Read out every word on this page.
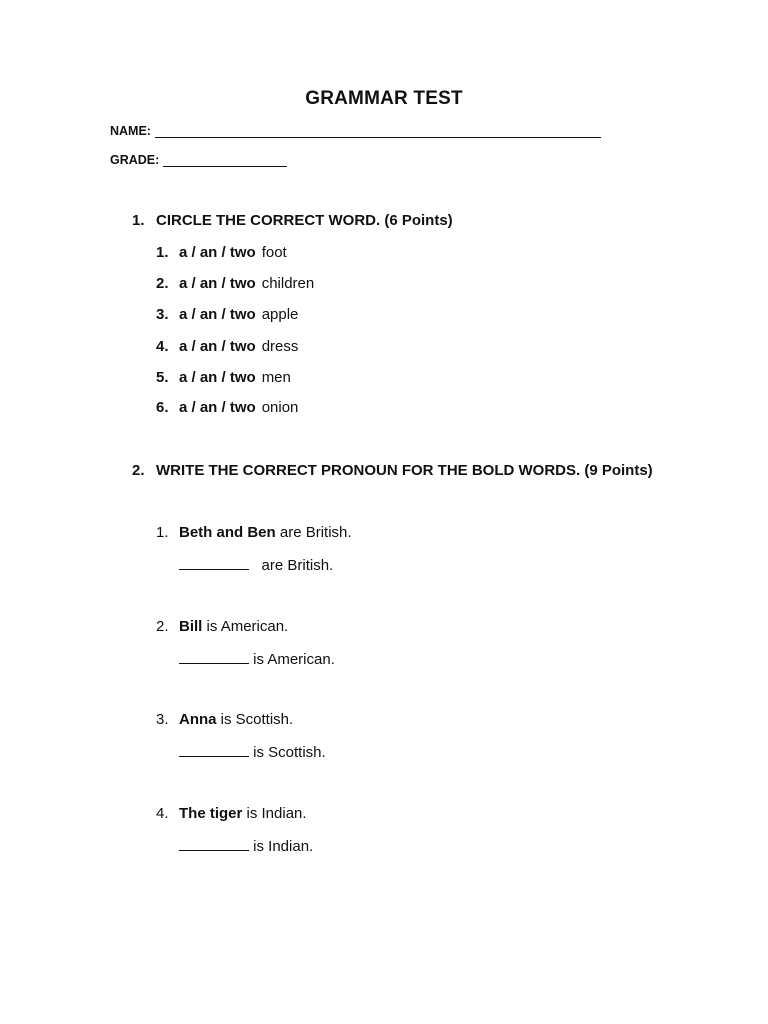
GRAMMAR TEST
NAME:
GRADE:
1. CIRCLE THE CORRECT WORD. (6 Points)
1. a / an / two foot
2. a / an / two children
3. a / an / two apple
4. a / an / two dress
5. a / an / two men
6. a / an / two onion
2. WRITE THE CORRECT PRONOUN FOR THE BOLD WORDS. (9 Points)
1. Beth and Ben are British.
are British.
2. Bill is American.
is American.
3. Anna is Scottish.
is Scottish.
4. The tiger is Indian.
is Indian.
